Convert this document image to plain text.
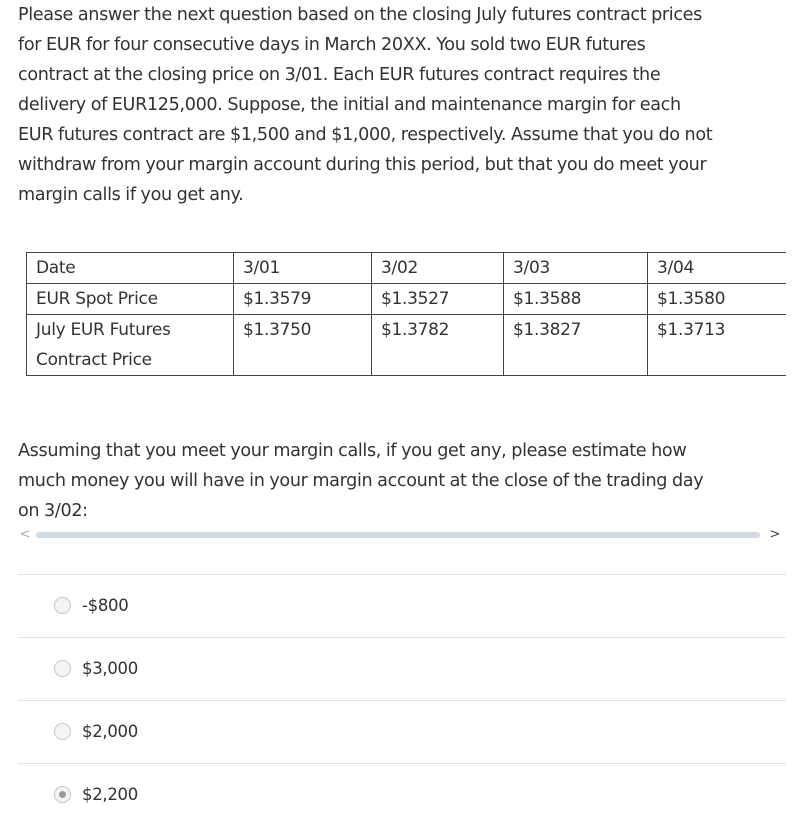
Please answer the next question based on the closing July futures contract prices

for EUR for four consecutive days in March 20XX. You sold two EUR futures

contract at the closing price on 3/01. Each EUR futures contract requires the

delivery of EUR125,000. Suppose, the initial and maintenance margin for each

EUR futures contract are $1,500 and $1,000, respectively. Assume that you do not

withdraw from your margin account during this period, but that you do meet your

margin calls if you get any.

Date	3/01	3/02	3/03	3/04
EUR Spot Price	$1.3579	$1.3527	$1.3588	$1.3580
July EUR Futures Contract Price	$1.3750	$1.3782	$1.3827	$1.3713
Assuming that you meet your margin calls, if you get any, please estimate how
much money you will have in your margin account at the close of the trading day
on 3/02:
<	>
-$800
$3,000
$2,000
$2,200
